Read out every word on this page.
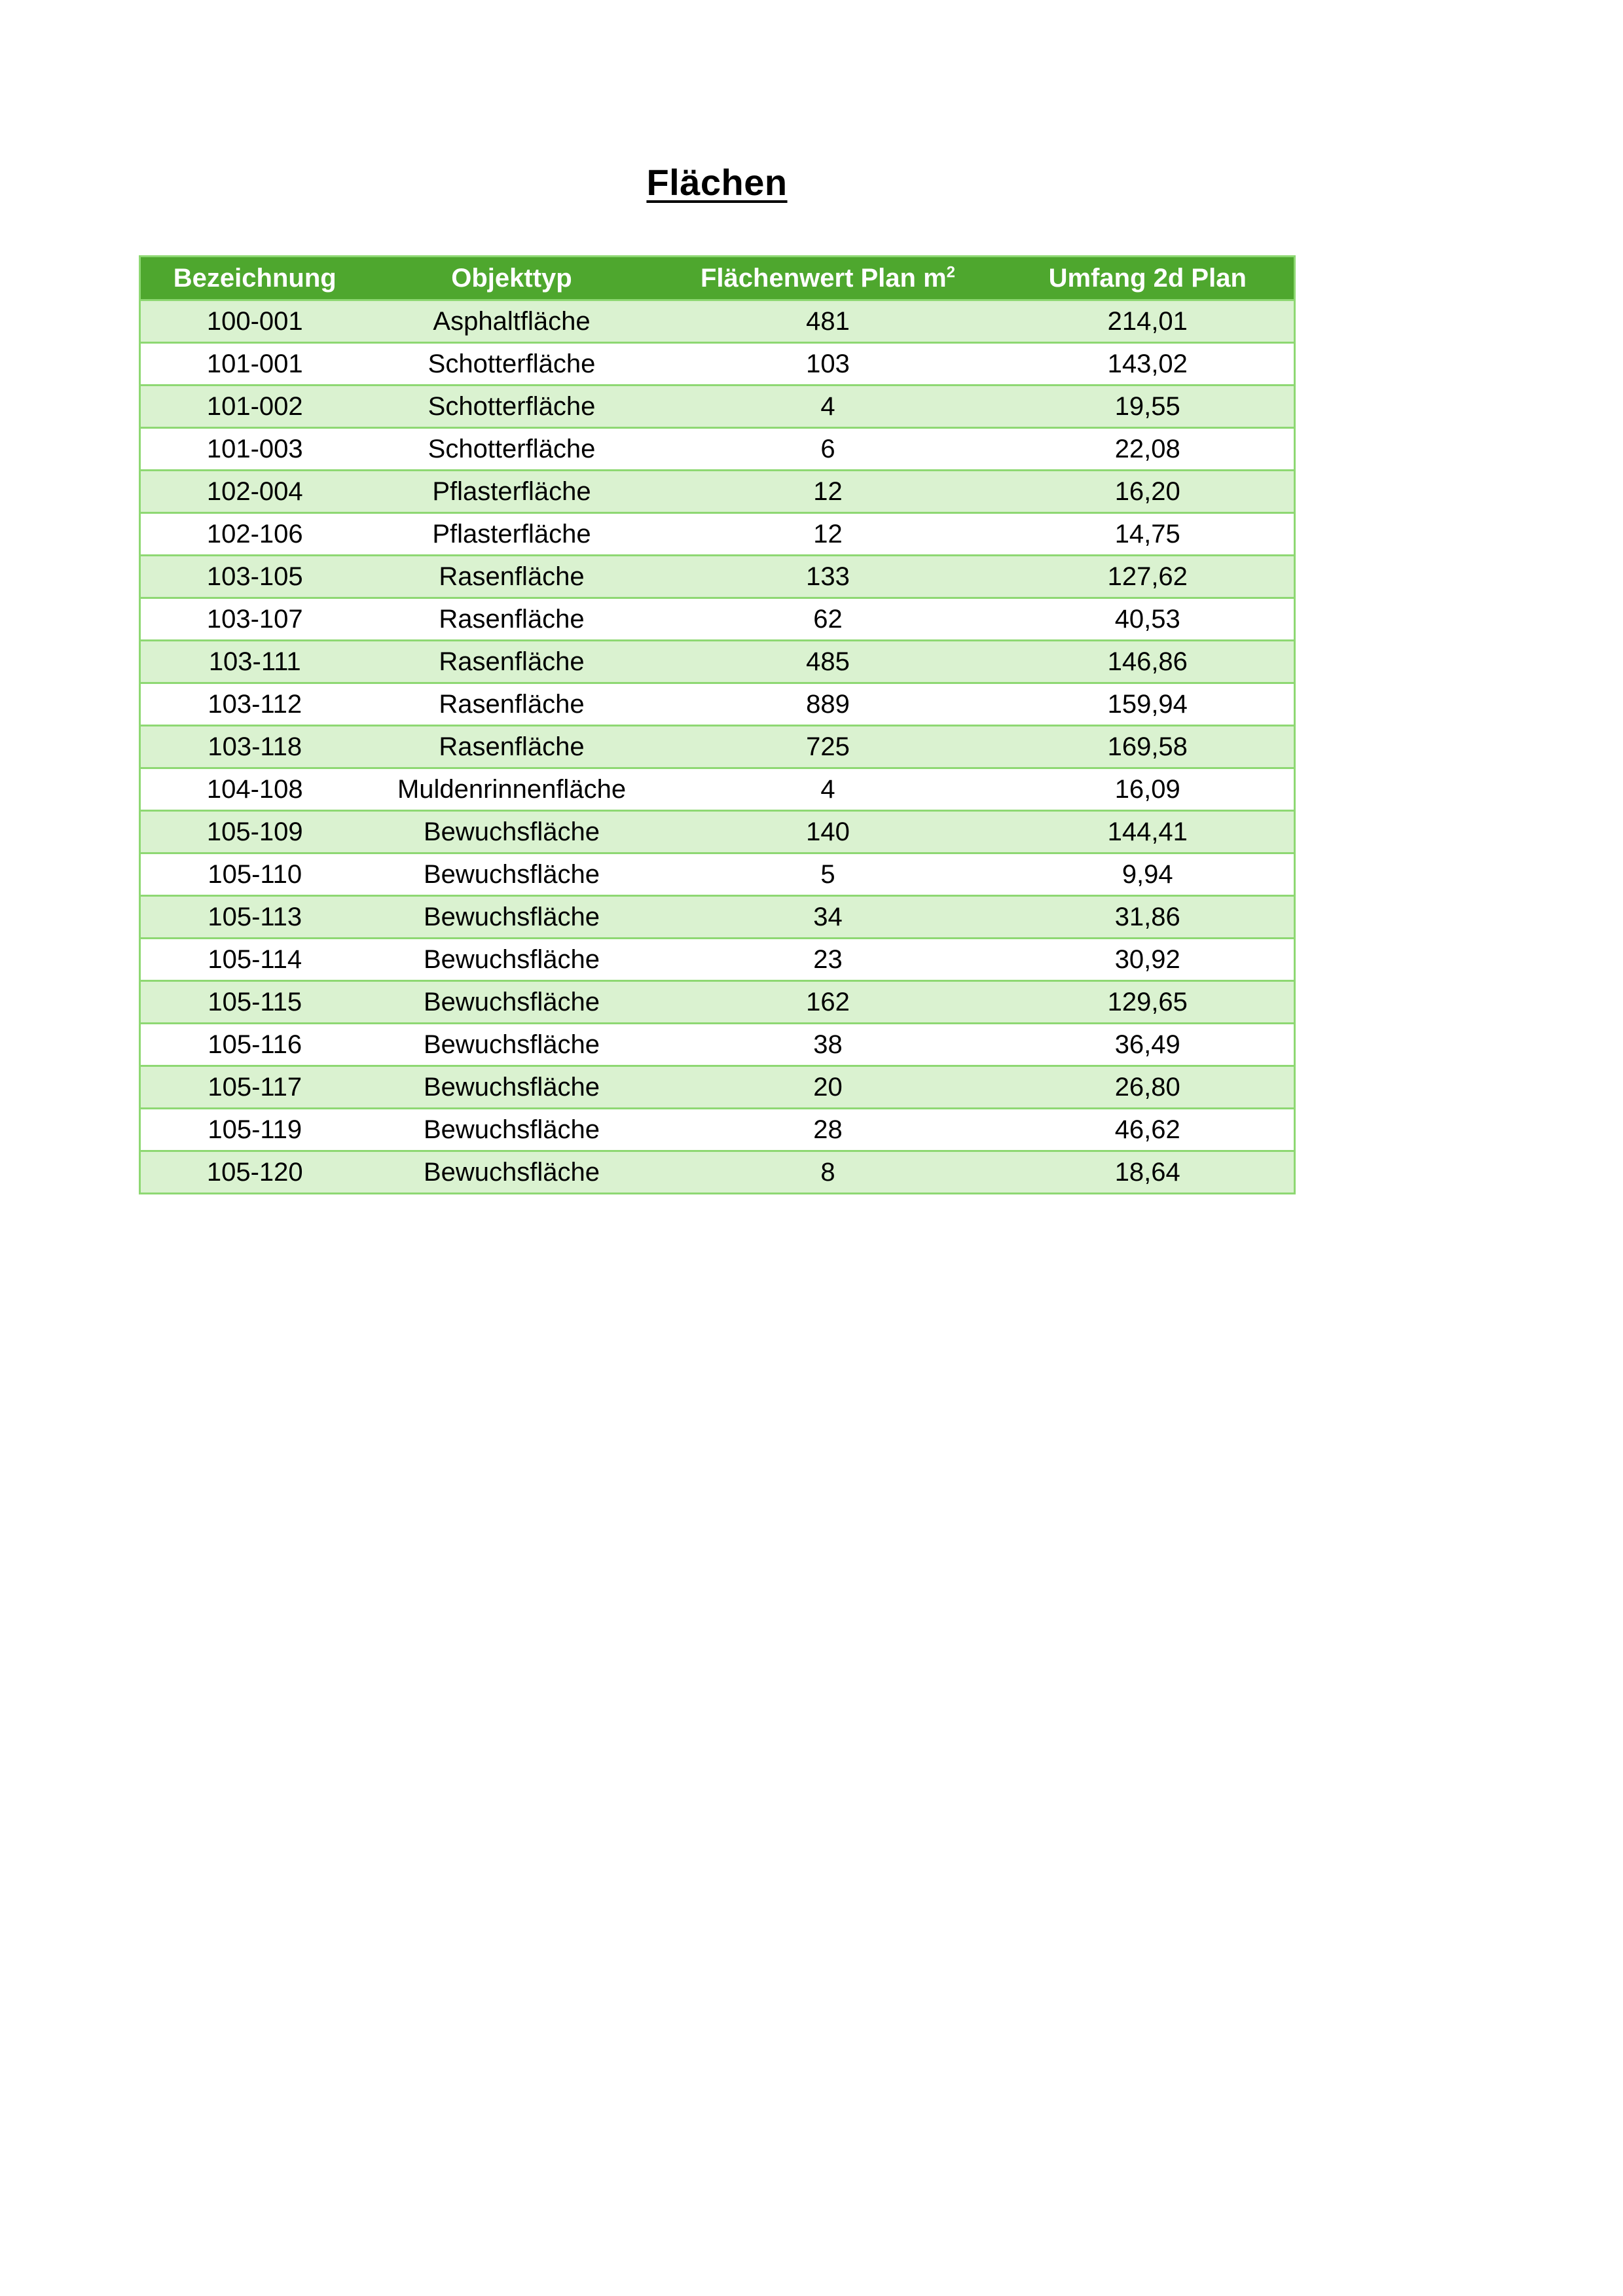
Flächen
Bezeichnung	Objekttyp	Flächenwert Plan $m^2$	Umfang 2d Plan
100-001	Asphaltfläche	481	214,01
101-001	Schotterfläche	103	143,02
101-002	Schotterfläche	4	19,55
101-003	Schotterfläche	6	22,08
102-004	Pflasterfläche	12	16,20
102-106	Pflasterfläche	12	14,75
103-105	Rasenfläche	133	127,62
103-107	Rasenfläche	62	40,53
103-111	Rasenfläche	485	146,86
103-112	Rasenfläche	889	159,94
103-118	Rasenfläche	725	169,58
104-108	Muldenrinnenfläche	4	16,09
105-109	Bewuchsfläche	140	144,41
105-110	Bewuchsfläche	5	9,94
105-113	Bewuchsfläche	34	31,86
105-114	Bewuchsfläche	23	30,92
105-115	Bewuchsfläche	162	129,65
105-116	Bewuchsfläche	38	36,49
105-117	Bewuchsfläche	20	26,80
105-119	Bewuchsfläche	28	46,62
105-120	Bewuchsfläche	8	18,64
